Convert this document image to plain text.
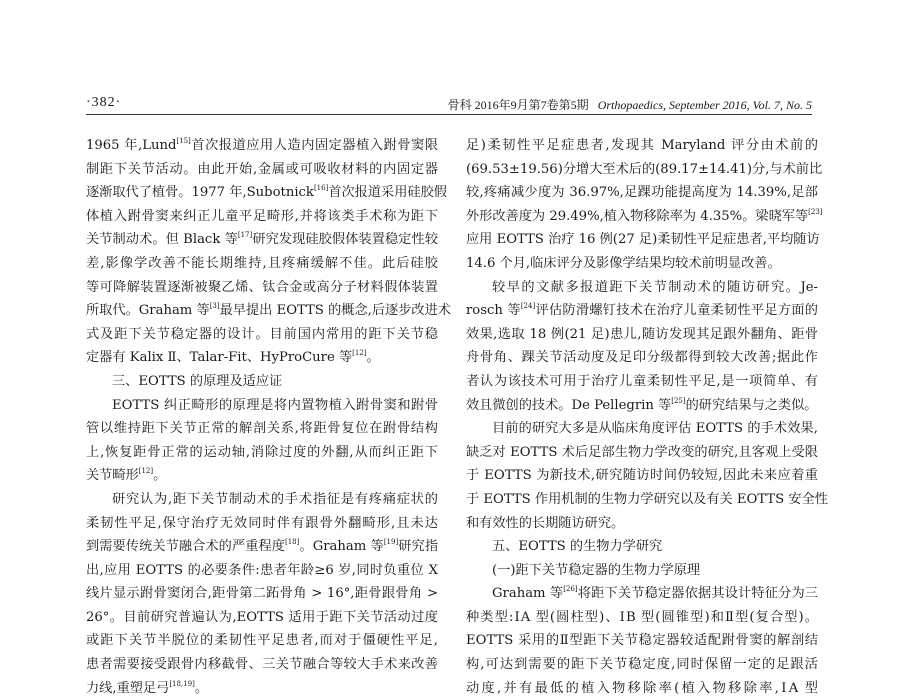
·382·	骨科 2016年9月第7卷第5期 Orthopaedics, September 2016, Vol. 7, No. 5
1965 年,Lund[15]首次报道应用人造内固定器植入跗骨窦限
制距下关节活动。由此开始,金属或可吸收材料的内固定器
逐渐取代了植骨。1977 年,Subotnick[16]首次报道采用硅胶假
体植入跗骨窦来纠正儿童平足畸形,并将该类手术称为距下
关节制动术。但 Black 等[17]研究发现硅胶假体装置稳定性较
差,影像学改善不能长期维持,且疼痛缓解不佳。此后硅胶
等可降解装置逐渐被聚乙烯、钛合金或高分子材料假体装置
所取代。Graham 等[3]最早提出 EOTTS 的概念,后逐步改进术
式及距下关节稳定器的设计。目前国内常用的距下关节稳
定器有 Kalix Ⅱ、Talar-Fit、HyProCure 等[12]。
三、EOTTS 的原理及适应证
EOTTS 纠正畸形的原理是将内置物植入跗骨窦和跗骨
管以维持距下关节正常的解剖关系,将距骨复位在跗骨结构
上,恢复距骨正常的运动轴,消除过度的外翻,从而纠正距下
关节畸形[12]。
研究认为,距下关节制动术的手术指征是有疼痛症状的
柔韧性平足,保守治疗无效同时伴有跟骨外翻畸形,且未达
到需要传统关节融合术的严重程度[18]。Graham 等[19]研究指
出,应用 EOTTS 的必要条件:患者年龄≥6 岁,同时负重位 X
线片显示跗骨窦闭合,距骨第二跖骨角 > 16°,距骨跟骨角 >
26°。目前研究普遍认为,EOTTS 适用于距下关节活动过度
或距下关节半脱位的柔韧性平足患者,而对于僵硬性平足,
患者需要接受跟骨内移截骨、三关节融合等较大手术来改善
力线,重塑足弓[18,19]。
足)柔韧性平足症患者,发现其 Maryland 评分由术前的
(69.53±19.56)分增大至术后的(89.17±14.41)分,与术前比
较,疼痛减少度为 36.97%,足踝功能提高度为 14.39%,足部
外形改善度为 29.49%,植入物移除率为 4.35%。梁晓军等[23]
应用 EOTTS 治疗 16 例(27 足)柔韧性平足症患者,平均随访
14.6 个月,临床评分及影像学结果均较术前明显改善。
较早的文献多报道距下关节制动术的随访研究。Je-
rosch 等[24]评估防滑螺钉技术在治疗儿童柔韧性平足方面的
效果,选取 18 例(21 足)患儿,随访发现其足跟外翻角、距骨
舟骨角、踝关节活动度及足印分级都得到较大改善;据此作
者认为该技术可用于治疗儿童柔韧性平足,是一项简单、有
效且微创的技术。De Pellegrin 等[25]的研究结果与之类似。
目前的研究大多是从临床角度评估 EOTTS 的手术效果,
缺乏对 EOTTS 术后足部生物力学改变的研究,且客观上受限
于 EOTTS 为新技术,研究随访时间仍较短,因此未来应着重
于 EOTTS 作用机制的生物力学研究以及有关 EOTTS 安全性
和有效性的长期随访研究。
五、EOTTS 的生物力学研究
(一)距下关节稳定器的生物力学原理
Graham 等[26]将距下关节稳定器依据其设计特征分为三
种类型:ⅠA 型(圆柱型)、ⅠB 型(圆锥型)和Ⅱ型(复合型)。
EOTTS 采用的Ⅱ型距下关节稳定器较适配跗骨窦的解剖结
构,可达到需要的距下关节稳定度,同时保留一定的足跟活
动度,并有最低的植入物移除率(植入物移除率,ⅠA 型
